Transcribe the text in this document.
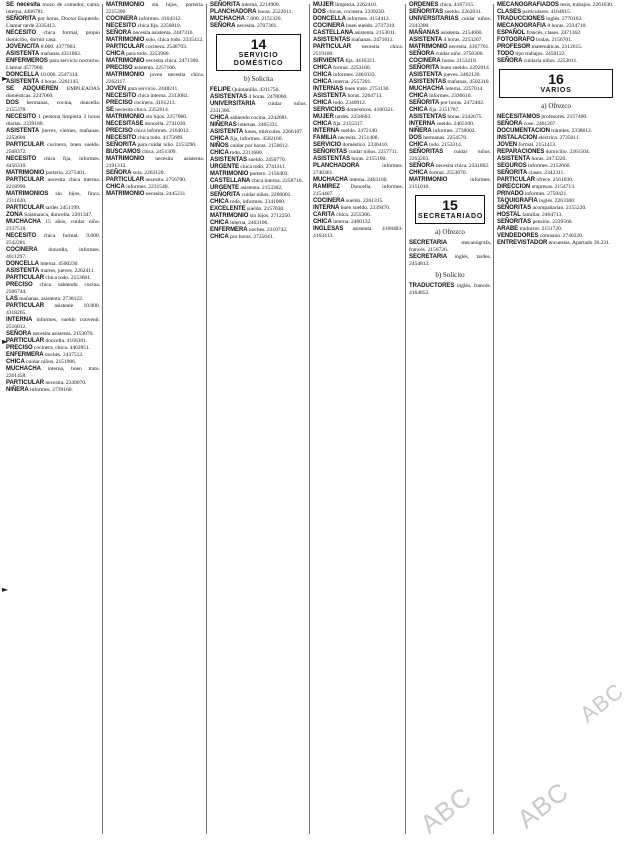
►
►
►
SE necesita mozo de comedor, cama, interna. 4466781.
SEÑORITA por horas, Doctor Esquerdo. Llamar tarde 2335413.
NECESITO chica formal, propio domicilio, dormir casa.
JOVENCITA 8.000. 4377903.
ASISTENTA mañanas 4311802.
ENFERMEROS para servicio nocturno. Llamar 4577960.
DONCELLA 10.000. 2547314.
ASISTENTA 4 horas. 2261145.
SE ADQUIEREN EMPLEADAS domésticas. 2247060.
DOS hermanas, cocina, doncella. 2155378.
NECESITO 1 persona limpieza 3 horas diarias. 2339180.
ASISTENTA jueves, viernes, mañanas. 2253600.
PARTICULAR cocinera, buen sueldo. 2568372.
NECESITO chica fija, informes. 4456310.
MATRIMONIO portería. 2275401.
PARTICULAR necesita chica interna. 2218990.
MATRIMONIOS sin hijos, finca. 2311020.
PARTICULAR tardes 2451199.
ZONA Salamanca, doncella. 2261347.
MUCHACHA 15 años, cuidar niño. 2337518.
NECESITO chica formal, 9.000. 2542281.
COCINERA doncella, informes. 4011297.
DONCELLA interna. 4500230.
ASISTENTA martes, jueves. 2262411.
PARTICULAR chica todo. 2153601.
PRECISO chica sabiendo cocina. 2506744.
LAS mañanas, asistenta. 2738122.
PARTICULAR asistente 10.000. 4318265.
INTERNA informes, sueldo convenir. 2516012.
SEÑORA necesita asistenta. 2153070.
PARTICULAR doncella. 4166301.
PRECISO cocinera, chica. 4462851.
ENFERMERA noches. 2437512.
CHICA cuidar niños. 2151906.
MUCHACHA interna, buen trato. 2261458.
PARTICULAR necesita. 2349070.
NIÑERA informes. 2739160.
MATRIMONIO sin hijos, portería. 2215306.
COCINERA informes. 4164312.
NECESITO chica fija. 2256810.
SEÑORA necesita asistenta. 2447310.
MATRIMONIO solo, chica todo. 2335412.
PARTICULAR cocinera. 2548703.
CHICA para todo. 2253980.
MATRIMONIO necesita chica. 2471306.
PRECISO asistenta. 2257166.
MATRIMONIO joven necesita chica. 2262117.
JOVEN para servicio. 2448211.
NECESITO chica interna. 2313082.
PRECISO cocinera. 4161213.
SE necesita chica. 2352614.
MATRIMONIO sin hijos. 2257060.
NECESITASE doncella. 2741030.
PRECISO chica informes. 2164012.
NECESITO chica todo. 4175609.
SEÑORITA para cuidar niño. 2153290.
BUSCAMOS chica. 2451309.
MATRIMONIO necesita asistenta. 2191312.
SEÑORA sola. 2263120.
PARTICULAR necesita. 2756700.
CHICA informes. 2231540.
MATRIMONIO necesita. 2445231.
SEÑORITA interna. 2214900.
PLANCHADORA horas. 2522611.
MUCHACHA 7.000. 2151320.
SEÑORA necesita. 2707361.
14
SERVICIO
DOMÉSTICO
b) Solicita
FELIPE Quintanilla. 4311750.
ASISTENTAS 4 horas. 2478060.
UNIVERSITARIA cuidar niños. 2331300.
CHICA sabiendo cocina. 2242681.
NIÑERAS internas. 2465331.
ASISTENTA lunes, miércoles. 2266107.
CHICA fija, informes. 4502160.
NIÑOS cuidar por horas. 2150612.
CHICA todo. 2311680.
ASISTENTAS sueldo. 2450770.
URGENTE chica todo. 2741311.
MATRIMONIO portero. 2156403.
CASTELLANA chica interna. 2258716.
URGENTE asistenta. 2153302.
SEÑORITA cuidar niños. 2266001.
CHICA todo, informes. 2341060.
EXCELENTE sueldo. 2157030.
MATRIMONIO sin hijos. 2712250.
CHICA interna. 2463106.
ENFERMERA noches. 2310742.
CHICA por horas. 2735641.
MUJER limpieza. 2262410.
DOS chicas, cocinera. 2339250.
DONCELLA informes. 4154412.
COCINERA buen sueldo. 2737310.
CASTELLANA asistenta. 2153011.
ASISTENTAS mañanas. 2471611.
PARTICULAR necesita chica. 2519100.
SIRVIENTA fija. 4416321.
CHICA formal. 2253160.
CHICA informes. 2461033.
CHICA interna. 2557201.
INTERNAS buen trato. 2751130.
ASISTENTA horas. 2264713.
CHICA todo. 2340912.
SERVICIOS domésticos. 4160321.
MUJER tardes. 2258603.
CHICA fija. 2155317.
INTERNA sueldo. 2472140.
FAMILIA necesita. 2151408.
SERVICIO doméstico. 2336410.
SEÑORITAS cuidar niños. 2257711.
ASISTENTAS horas. 2155100.
PLANCHADORA informes. 2740361.
MUCHACHA interna. 2463160.
RAMIREZ Doncella, informes. 2154407.
COCINERA sueldo. 2261315.
INTERNA buen sueldo. 2339470.
CARITA chica. 2255306.
CHICA interna. 2460132.
INGLESAS asistenta. 4168403-4163413.
ORDENES chica. 4167315.
SEÑORITAS sueldo. 2262031.
UNIVERSITARIAS cuidar niños. 2343300.
MAÑANAS asistenta. 2154660.
ASISTENTA 4 horas. 2253207.
MATRIMONIO necesita. 4167701.
SEÑORA cuidar niño. 2750306.
COCINERA horas. 2153218.
SEÑORITA buen sueldo. 2292014.
ASISTENTA jueves. 2462120.
ASISTENTAS mañanas. 4502310.
MUCHACHA interna. 2257014.
CHICA informes. 2336610.
SEÑORITA por horas. 2472402.
CHICA fija. 2151707.
ASISTENTAS horas. 2342675.
INTERNA sueldo. 2465100.
NIÑERA informes. 2738002.
DOS hermanas. 2254570.
CHICA todo. 2153314.
SEÑORITAS cuidar niños. 2263203.
SEÑORA necesita chica. 2341802.
CHICA formal. 2553070.
MATRIMONIO informes. 2151010.
15
SECRETARIADO
a) Ofrezco
SECRETARIA mecanógrafa, francés. 2156720.
SECRETARIA inglés, tardes. 2454813.
b) Solicito
TRADUCTORES inglés, francés. 4164852.
MECANOGRAFIADOS tesis, trabajos. 2261630.
CLASES particulares. 4164015.
TRADUCCIONES inglés. 2770163.
MECANOGRAFIA 8 horas. 2334710.
ESPAÑOL francés, clases. 2471362.
FOTOGRAFO bodas. 2156701.
PROFESOR matemáticas. 2312615.
TODO tipo trabajos. 2450122.
SEÑORA cuidaría niños. 2253011.
16
VARIOS
a) Ofrezco
NECESITAMOS profesores. 2157400.
SEÑORA cose. 2461207.
DOCUMENTACION trámites. 2338612.
INSTALACION eléctrica. 2735011.
JOVEN formal. 2151413.
REPARACIONES domicilio. 2261504.
ASISTENTA horas. 2473220.
SEGUROS informes. 2152660.
SEÑORITA clases. 2342311.
PARTICULAR ofrece. 2561030.
DIRECCION empresas. 2154713.
PRIVADO informes. 2750421.
TAQUIGRAFIA inglés. 2263300.
SEÑORITAS acompañarían. 2155220.
HOSTAL familiar. 2464713.
SEÑORITAS pensión. 2339560.
ARABE traductor. 2151720.
VENDEDORES comisión. 2740220.
ENTREVISTADOR encuestas. Apartado 30.231.
ABC ABC
ABC
